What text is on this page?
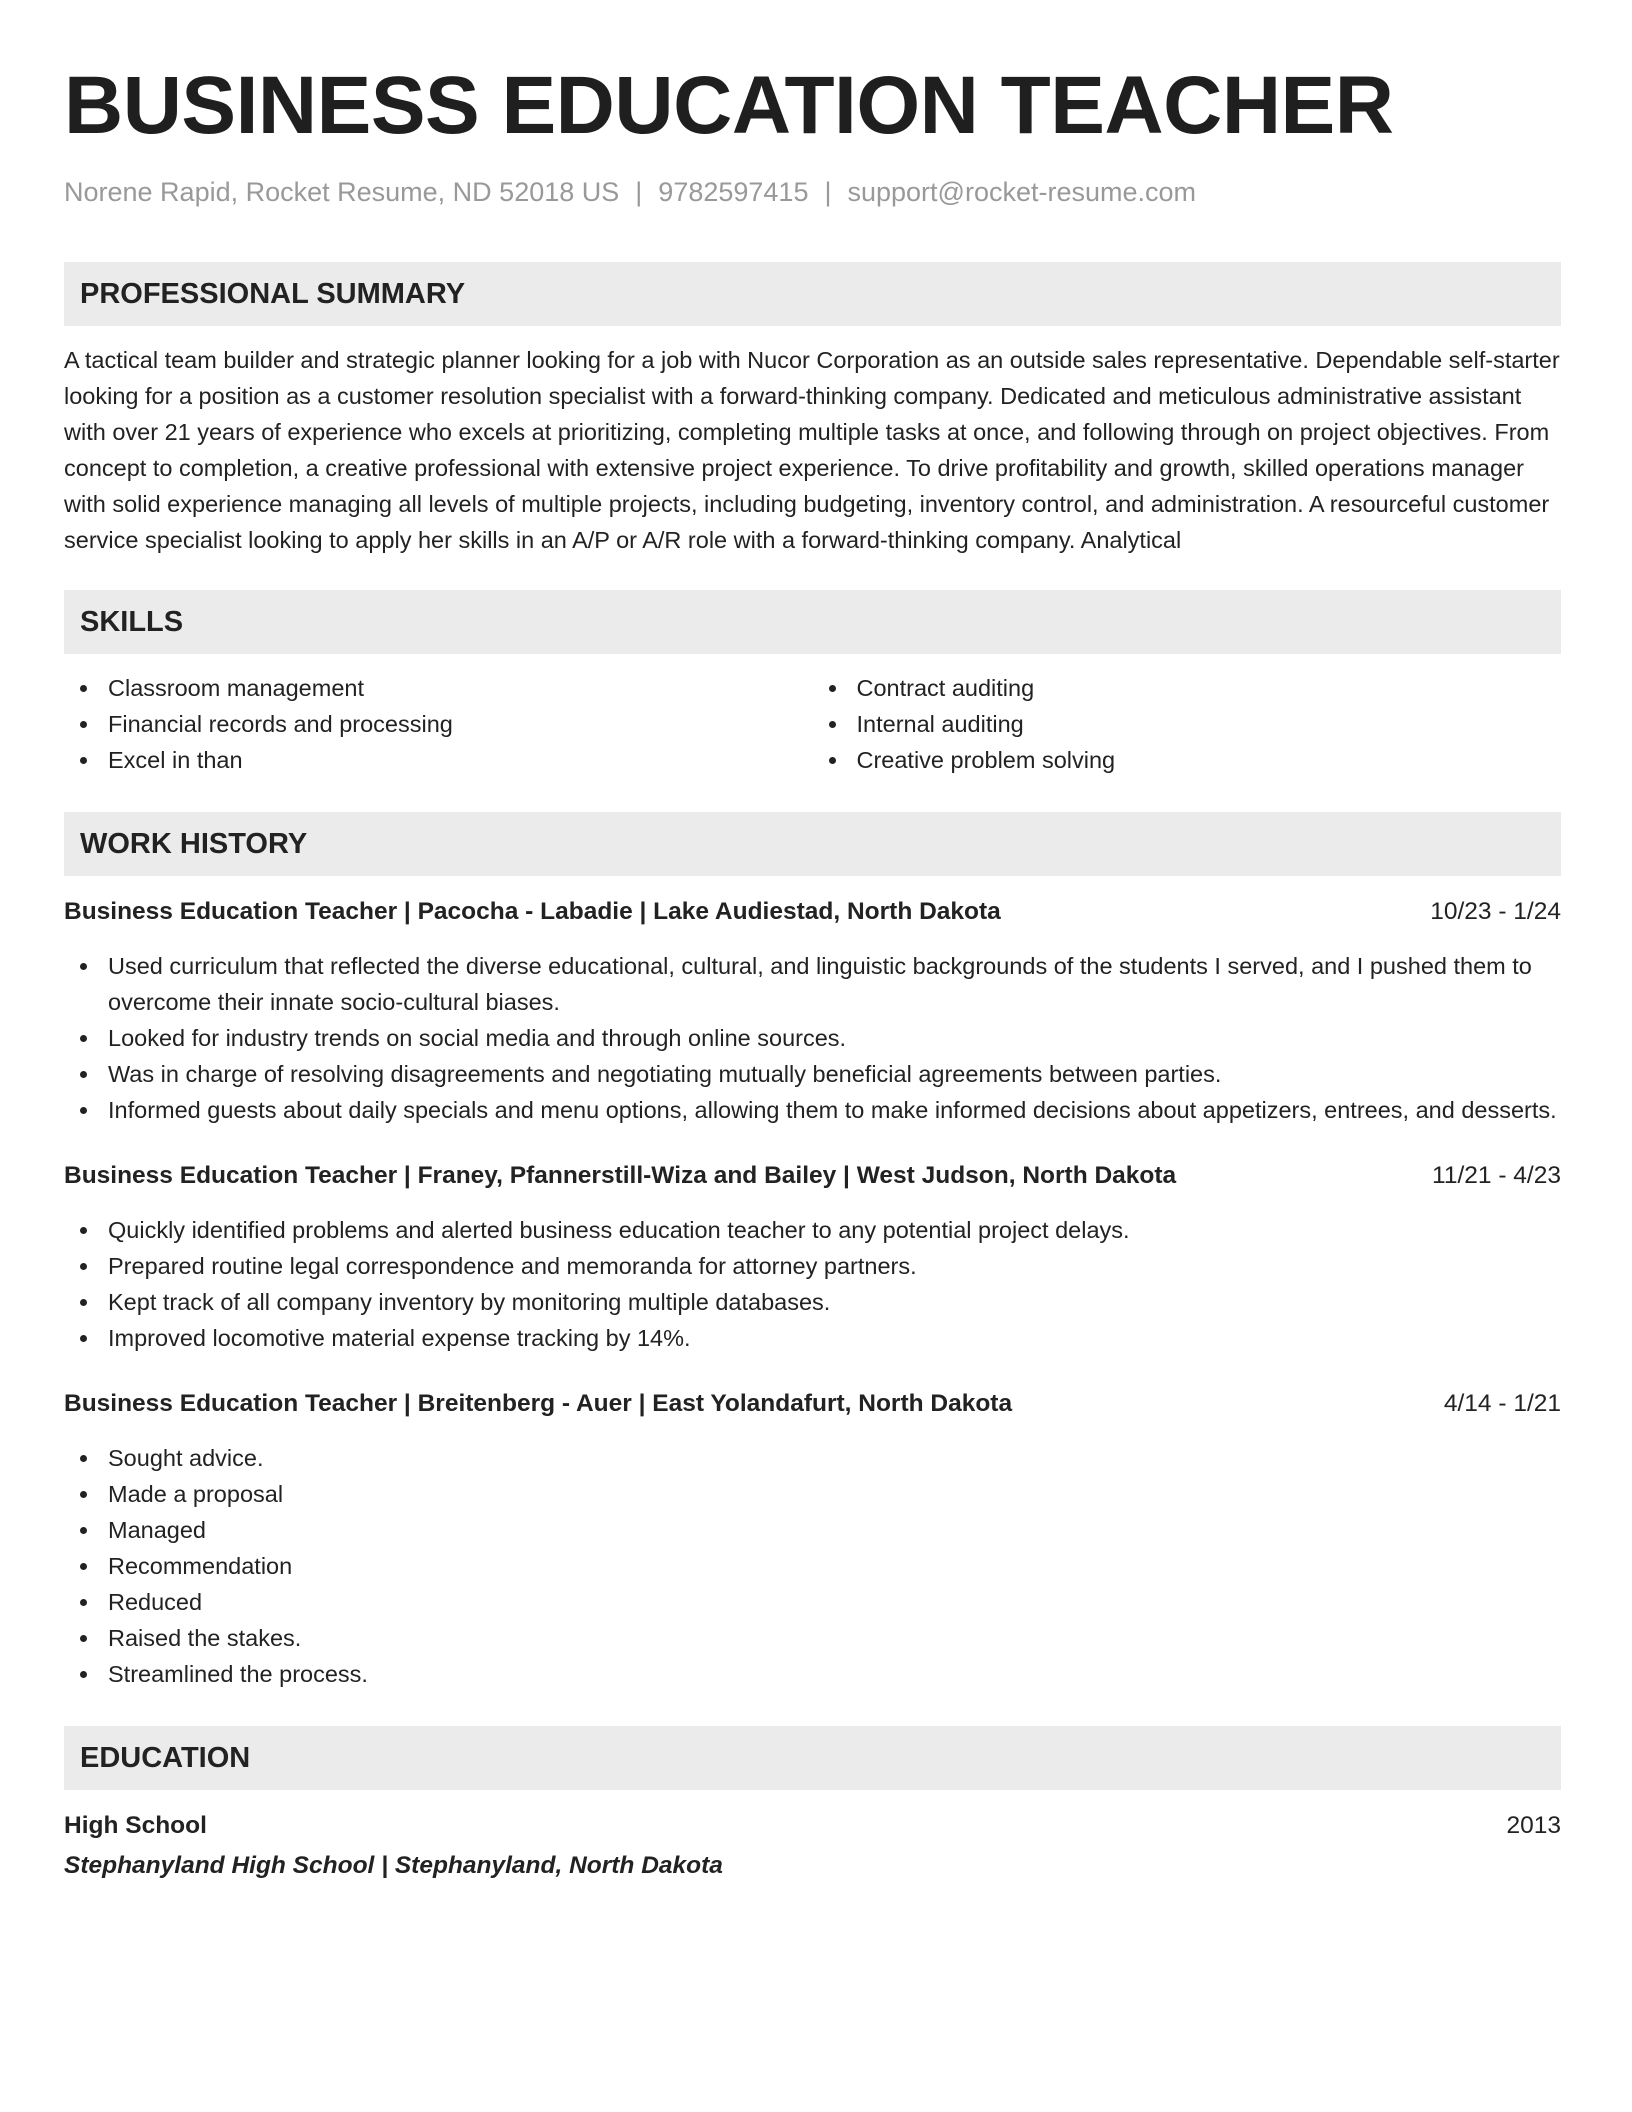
BUSINESS EDUCATION TEACHER
Norene Rapid, Rocket Resume, ND 52018 US | 9782597415 | support@rocket-resume.com
PROFESSIONAL SUMMARY

A tactical team builder and strategic planner looking for a job with Nucor Corporation as an outside sales representative. Dependable self-starter looking for a position as a customer resolution specialist with a forward-thinking company. Dedicated and meticulous administrative assistant with over 21 years of experience who excels at prioritizing, completing multiple tasks at once, and following through on project objectives. From concept to completion, a creative professional with extensive project experience. To drive profitability and growth, skilled operations manager with solid experience managing all levels of multiple projects, including budgeting, inventory control, and administration. A resourceful customer service specialist looking to apply her skills in an A/P or A/R role with a forward-thinking company. Analytical

SKILLS
Classroom management
Financial records and processing
Excel in than
Contract auditing
Internal auditing
Creative problem solving
WORK HISTORY
Business Education Teacher | Pacocha - Labadie | Lake Audiestad, North Dakota	10/23 - 1/24
Used curriculum that reflected the diverse educational, cultural, and linguistic backgrounds of the students I served, and I pushed them to overcome their innate socio-cultural biases.
Looked for industry trends on social media and through online sources.
Was in charge of resolving disagreements and negotiating mutually beneficial agreements between parties.
Informed guests about daily specials and menu options, allowing them to make informed decisions about appetizers, entrees, and desserts.
Business Education Teacher | Franey, Pfannerstill-Wiza and Bailey | West Judson, North Dakota	11/21 - 4/23
Quickly identified problems and alerted business education teacher to any potential project delays.
Prepared routine legal correspondence and memoranda for attorney partners.
Kept track of all company inventory by monitoring multiple databases.
Improved locomotive material expense tracking by 14%.
Business Education Teacher | Breitenberg - Auer | East Yolandafurt, North Dakota	4/14 - 1/21
Sought advice.
Made a proposal
Managed
Recommendation
Reduced
Raised the stakes.
Streamlined the process.
EDUCATION
High School	2013
Stephanyland High School | Stephanyland, North Dakota
